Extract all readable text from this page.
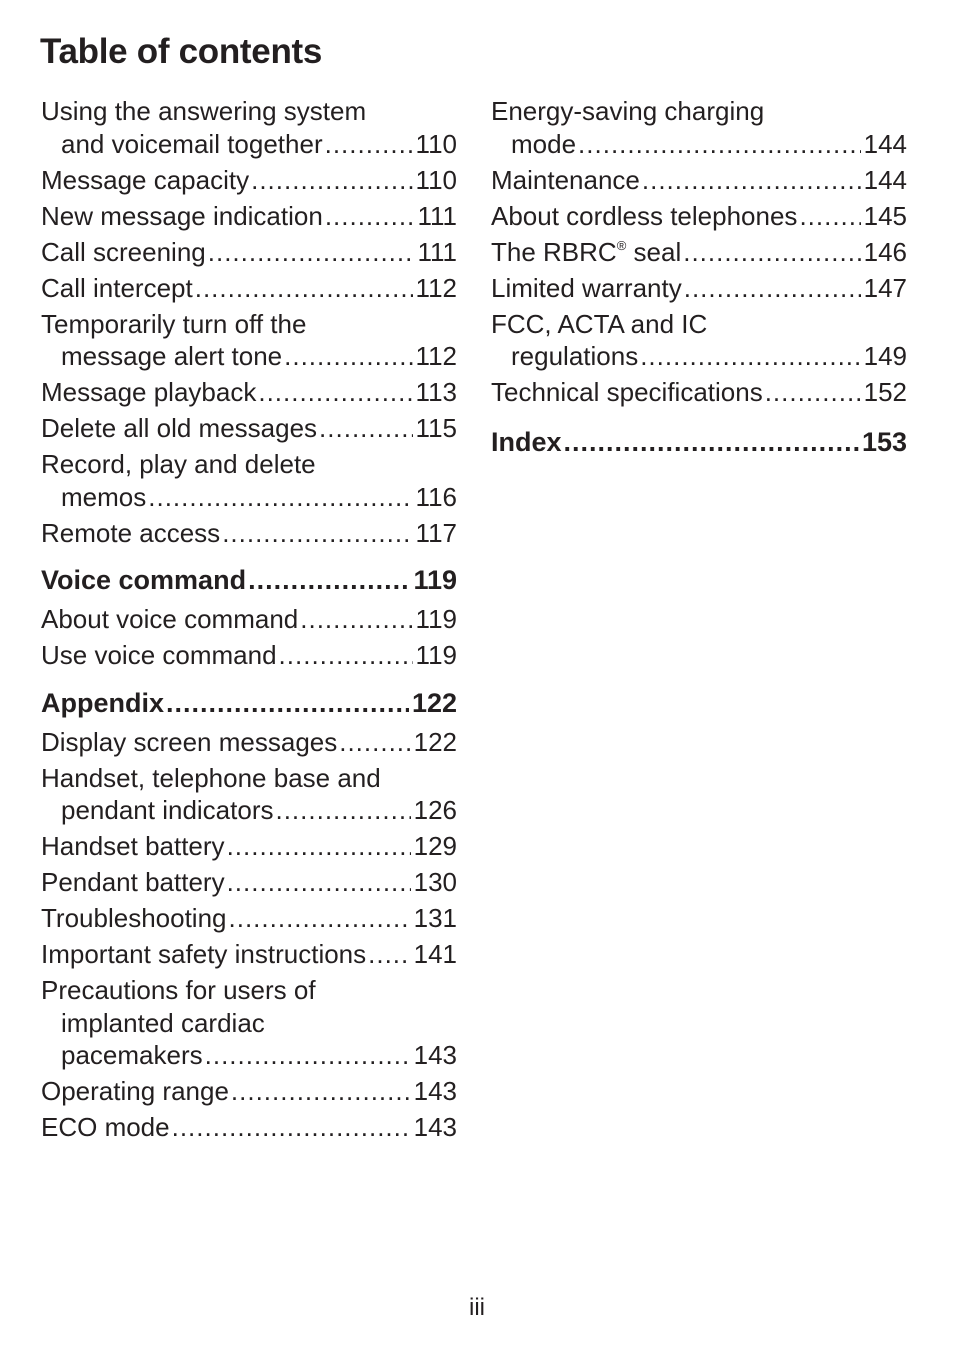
Table of contents
Using the answering system
and voicemail together .....	110
Message capacity .....	110
New message indication .....	111
Call screening .....	111
Call intercept .....	112
Temporarily turn off the
message alert tone .....	112
Message playback .....	113
Delete all old messages .....	115
Record, play and delete
memos .....	116
Remote access .....	117
Voice command .....	119
About voice command .....	119
Use voice command .....	119
Appendix .....	122
Display screen messages .....	122
Handset, telephone base and
pendant indicators .....	126
Handset battery .....	129
Pendant battery .....	130
Troubleshooting .....	131
Important safety instructions ..... 141
Precautions for users of
implanted cardiac
pacemakers .....	143
Operating range .....	143
ECO mode .....	143
Energy-saving charging
mode .....	144
Maintenance .....	144
About cordless telephones .....	145
The RBRC® seal .....	146
Limited warranty .....	147
FCC, ACTA and IC
regulations .....	149
Technical specifications .....	152
Index .....	153
iii
